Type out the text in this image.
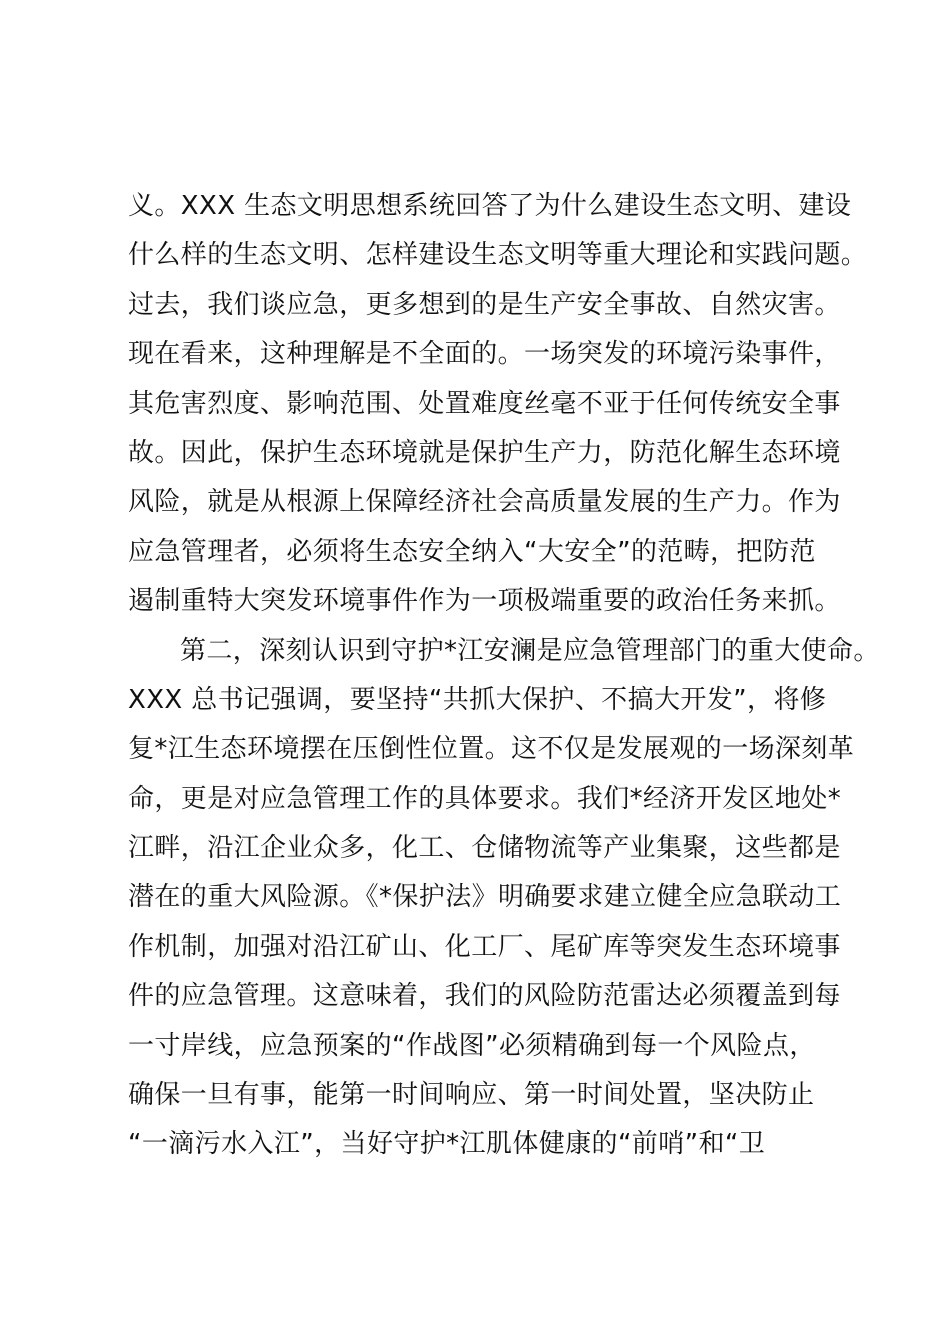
义。XXX 生态文明思想系统回答了为什么建设生态文明、建设
什么样的生态文明、怎样建设生态文明等重大理论和实践问题。
过去，我们谈应急，更多想到的是生产安全事故、自然灾害。
现在看来，这种理解是不全面的。一场突发的环境污染事件，
其危害烈度、影响范围、处置难度丝毫不亚于任何传统安全事
故。因此，保护生态环境就是保护生产力，防范化解生态环境
风险，就是从根源上保障经济社会高质量发展的生产力。作为
应急管理者，必须将生态安全纳入“大安全”的范畴，把防范
遏制重特大突发环境事件作为一项极端重要的政治任务来抓。
第二，深刻认识到守护*江安澜是应急管理部门的重大使命。
XXX 总书记强调，要坚持“共抓大保护、不搞大开发”，将修
复*江生态环境摆在压倒性位置。这不仅是发展观的一场深刻革
命，更是对应急管理工作的具体要求。我们*经济开发区地处*
江畔，沿江企业众多，化工、仓储物流等产业集聚，这些都是
潜在的重大风险源。《*保护法》明确要求建立健全应急联动工
作机制，加强对沿江矿山、化工厂、尾矿库等突发生态环境事
件的应急管理。这意味着，我们的风险防范雷达必须覆盖到每
一寸岸线，应急预案的“作战图”必须精确到每一个风险点，
确保一旦有事，能第一时间响应、第一时间处置，坚决防止
“一滴污水入江”，当好守护*江肌体健康的“前哨”和“卫
